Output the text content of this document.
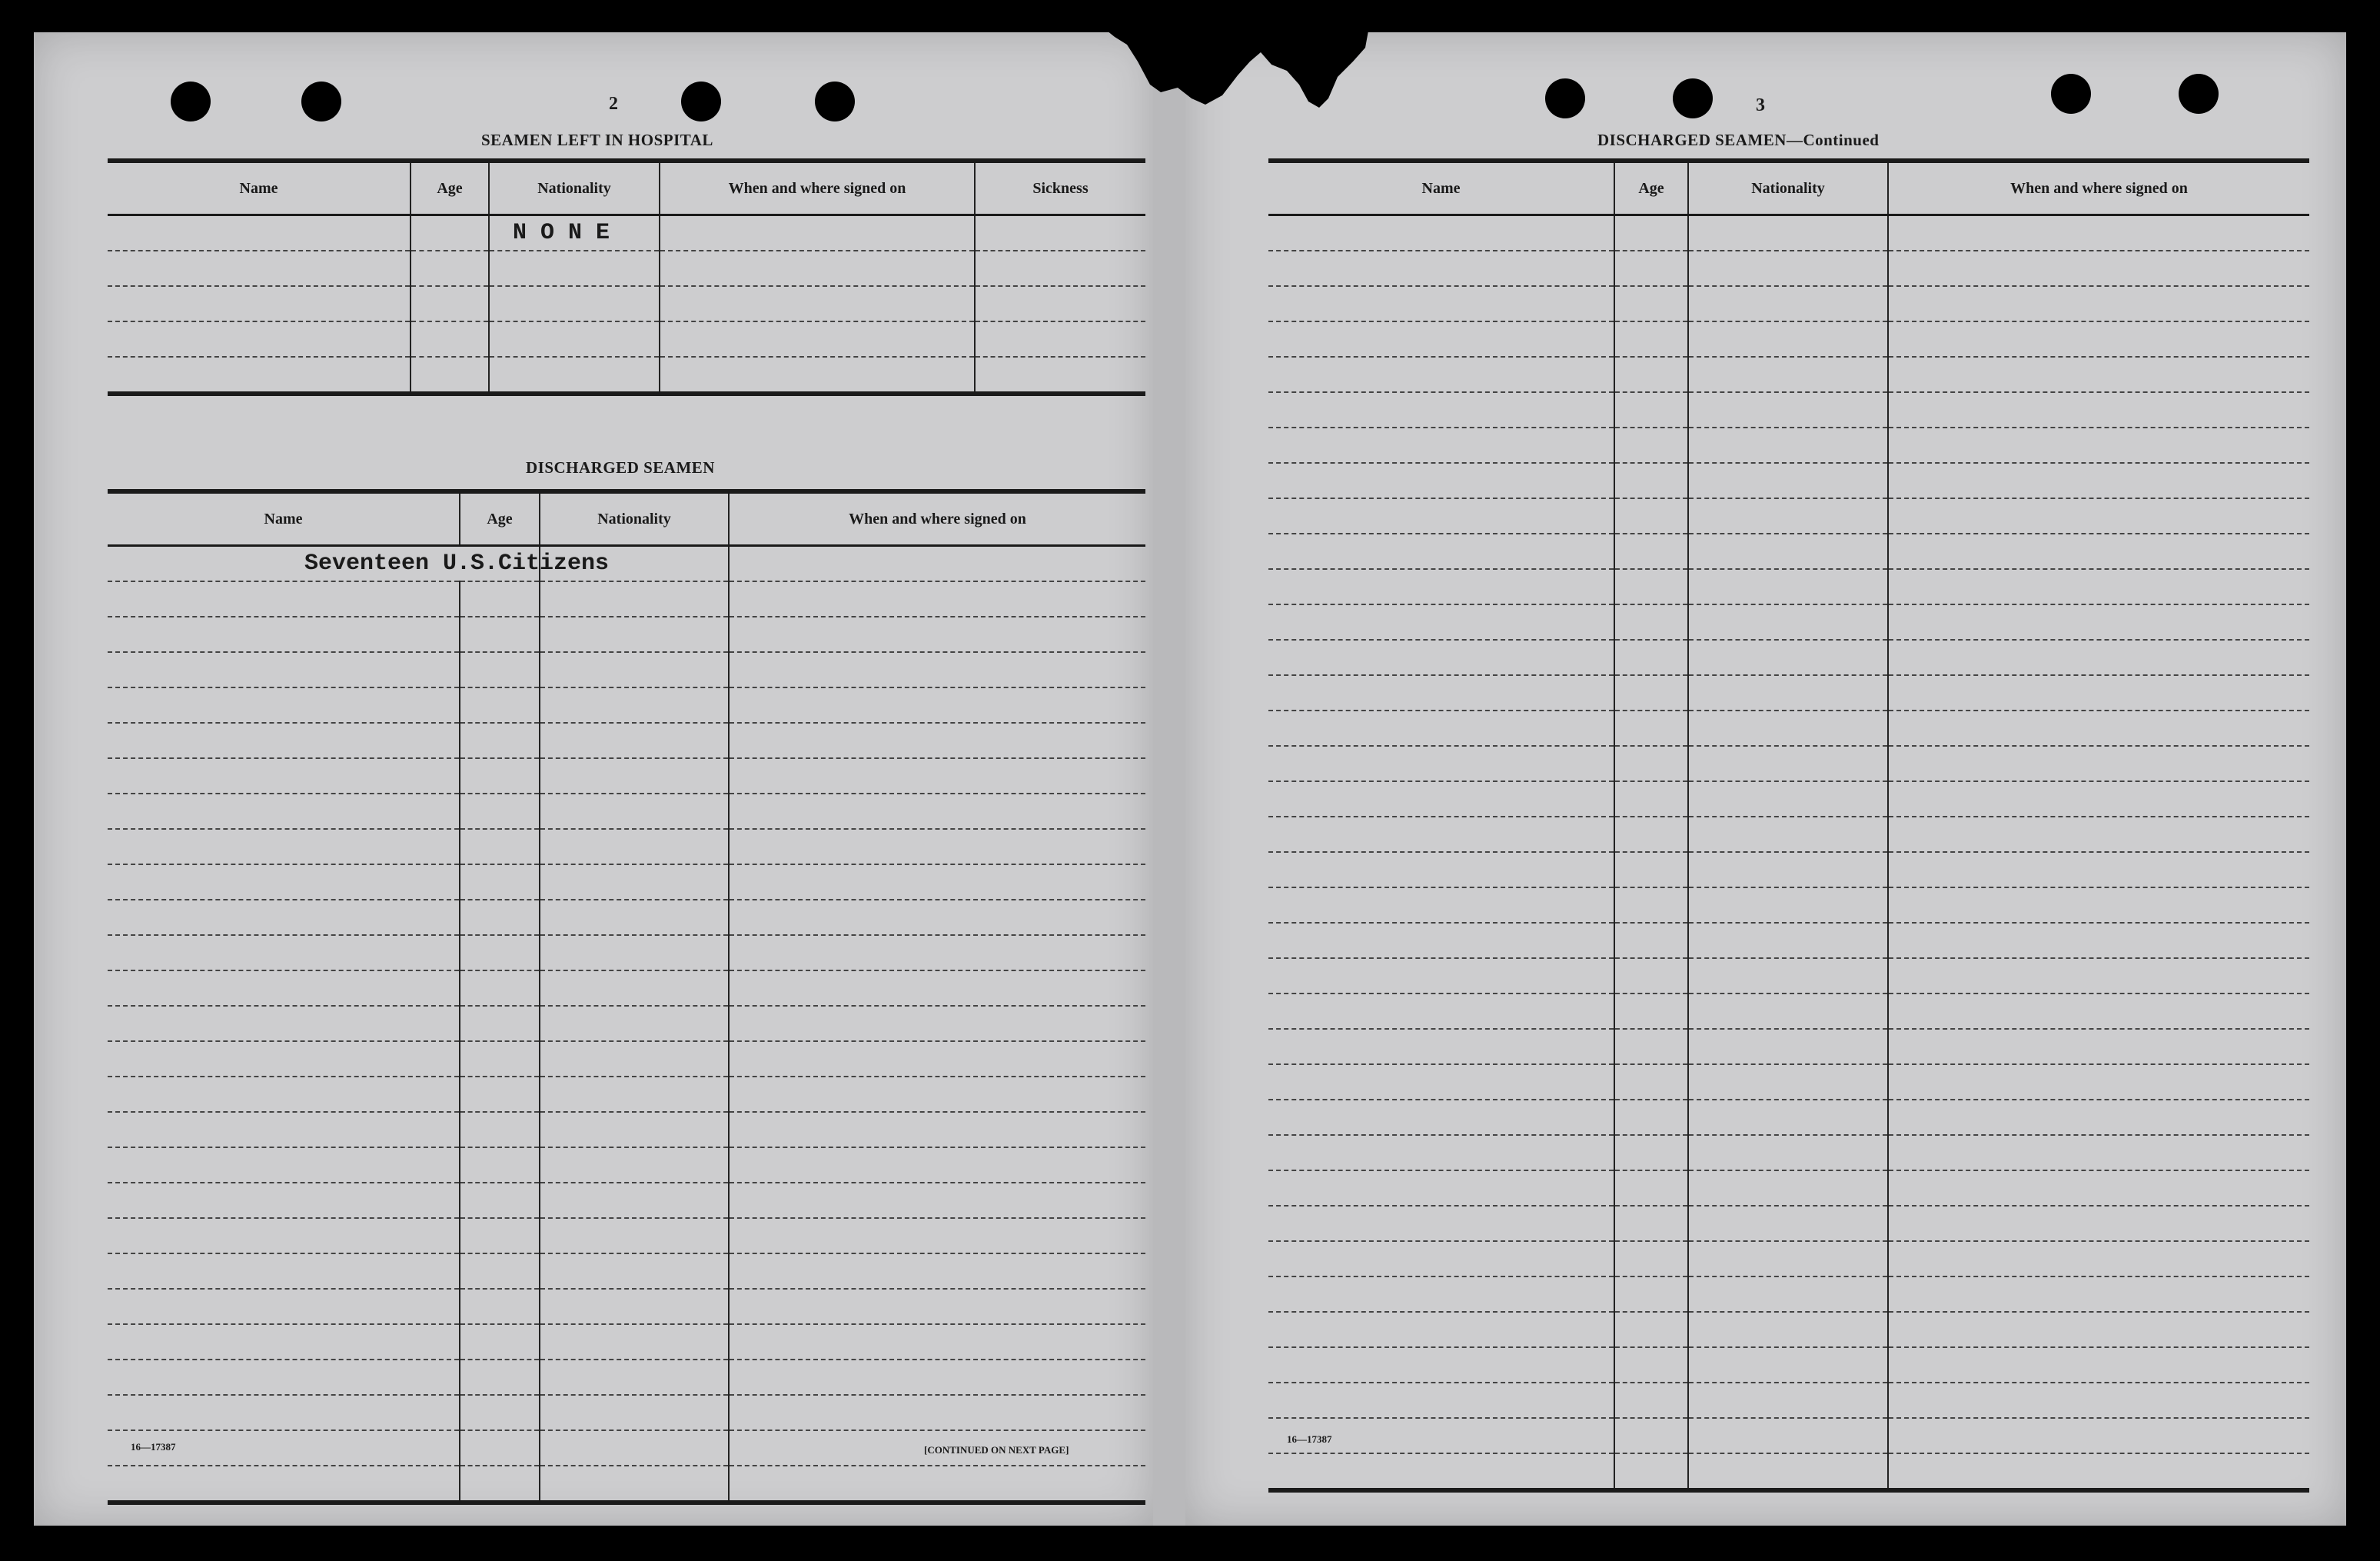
2
SEAMEN LEFT IN HOSPITAL
Name	Age	Nationality	When and where signed on	Sickness
		N O N E		

DISCHARGED SEAMEN
Name	Age	Nationality	When and where signed on
Seventeen U.S.Citizens			

16—17387	[CONTINUED ON NEXT PAGE]
3
DISCHARGED SEAMEN—Continued
Name	Age	Nationality	When and where signed on

16—17387
